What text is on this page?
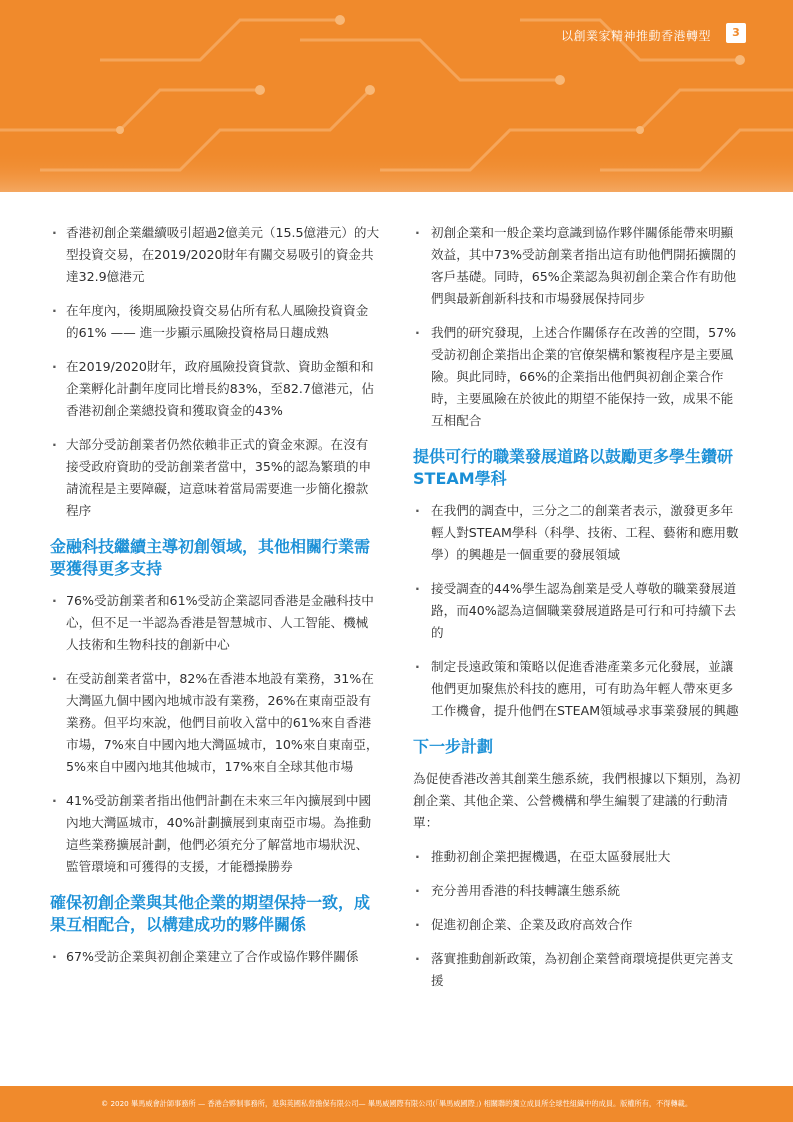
以創業家精神推動香港轉型	3
· 香港初創企業繼續吸引超過2億美元（15.5億港元）的大型投資交易，在2019/2020財年有關交易吸引的資金共達32.9億港元
· 在年度內，後期風險投資交易佔所有私人風險投資資金的61% —— 進一步顯示風險投資格局日趨成熟
· 在2019/2020財年，政府風險投資貸款、資助金額和和企業孵化計劃年度同比增長約83%，至82.7億港元，佔香港初創企業總投資和獲取資金的43%
· 大部分受訪創業者仍然依賴非正式的資金來源。在沒有接受政府資助的受訪創業者當中，35%的認為繁瑣的申請流程是主要障礙，這意味着當局需要進一步簡化撥款程序
金融科技繼續主導初創領域，其他相關行業需要獲得更多支持
· 76%受訪創業者和61%受訪企業認同香港是金融科技中心，但不足一半認為香港是智慧城市、人工智能、機械人技術和生物科技的創新中心
· 在受訪創業者當中，82%在香港本地設有業務，31%在大灣區九個中國內地城市設有業務，26%在東南亞設有業務。但平均來說，他們目前收入當中的61%來自香港市場，7%來自中國內地大灣區城市，10%來自東南亞，5%來自中國內地其他城市，17%來自全球其他市場
· 41%受訪創業者指出他們計劃在未來三年內擴展到中國內地大灣區城市，40%計劃擴展到東南亞市場。為推動這些業務擴展計劃，他們必須充分了解當地市場狀況、監管環境和可獲得的支援，才能穩操勝券
確保初創企業與其他企業的期望保持一致，成果互相配合，以構建成功的夥伴關係
· 67%受訪企業與初創企業建立了合作或協作夥伴關係
· 初創企業和一般企業均意識到協作夥伴關係能帶來明顯效益，其中73%受訪創業者指出這有助他們開拓擴闊的客戶基礎。同時，65%企業認為與初創企業合作有助他們與最新創新科技和市場發展保持同步
· 我們的研究發現，上述合作關係存在改善的空間，57%受訪初創企業指出企業的官僚架構和繁複程序是主要風險。與此同時，66%的企業指出他們與初創企業合作時，主要風險在於彼此的期望不能保持一致，成果不能互相配合
提供可行的職業發展道路以鼓勵更多學生鑽研STEAM學科
· 在我們的調查中，三分之二的創業者表示，激發更多年輕人對STEAM學科（科學、技術、工程、藝術和應用數學）的興趣是一個重要的發展領域
· 接受調查的44%學生認為創業是受人尊敬的職業發展道路，而40%認為這個職業發展道路是可行和可持續下去的
· 制定長遠政策和策略以促進香港產業多元化發展，並讓他們更加聚焦於科技的應用，可有助為年輕人帶來更多工作機會，提升他們在STEAM領域尋求事業發展的興趣
下一步計劃

為促使香港改善其創業生態系統，我們根據以下類別，為初創企業、其他企業、公營機構和學生編製了建議的行動清單：

· 推動初創企業把握機遇，在亞太區發展壯大
· 充分善用香港的科技轉讓生態系統
· 促進初創企業、企業及政府高效合作
· 落實推動創新政策，為初創企業營商環境提供更完善支援
© 2020 畢馬威會計師事務所 — 香港合夥制事務所，是與英國私營擔保有限公司— 畢馬威國際有限公司(「畢馬威國際」) 相關聯的獨立成員所全球性組織中的成員。版權所有，不得轉載。
